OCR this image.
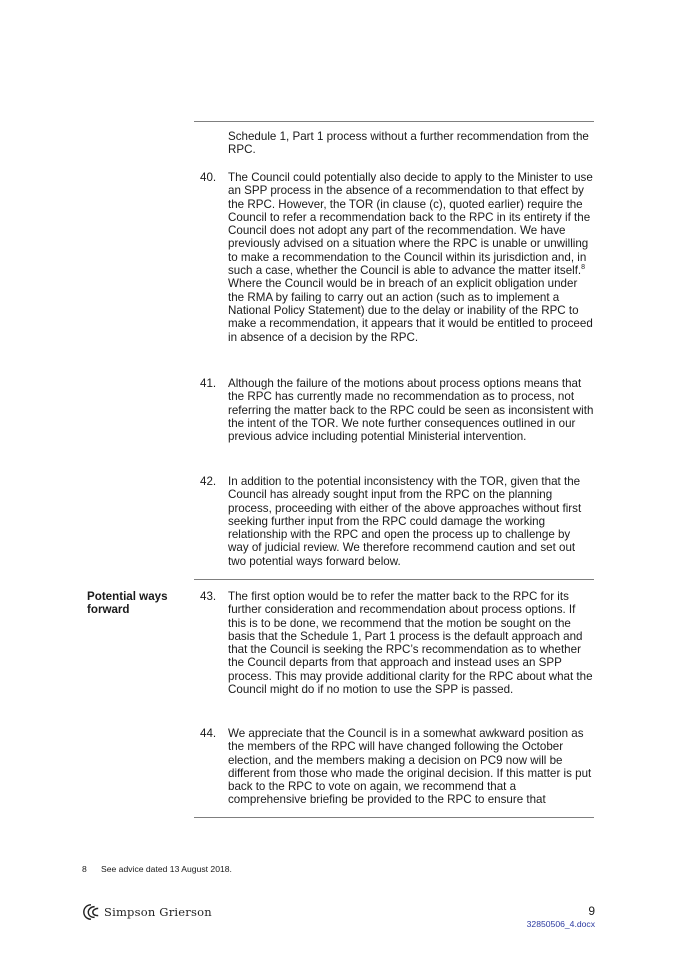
Schedule 1, Part 1 process without a further recommendation from the RPC.
40. The Council could potentially also decide to apply to the Minister to use an SPP process in the absence of a recommendation to that effect by the RPC. However, the TOR (in clause (c), quoted earlier) require the Council to refer a recommendation back to the RPC in its entirety if the Council does not adopt any part of the recommendation. We have previously advised on a situation where the RPC is unable or unwilling to make a recommendation to the Council within its jurisdiction and, in such a case, whether the Council is able to advance the matter itself.$^8$ Where the Council would be in breach of an explicit obligation under the RMA by failing to carry out an action (such as to implement a National Policy Statement) due to the delay or inability of the RPC to make a recommendation, it appears that it would be entitled to proceed in absence of a decision by the RPC.
41. Although the failure of the motions about process options means that the RPC has currently made no recommendation as to process, not referring the matter back to the RPC could be seen as inconsistent with the intent of the TOR. We note further consequences outlined in our previous advice including potential Ministerial intervention.
42. In addition to the potential inconsistency with the TOR, given that the Council has already sought input from the RPC on the planning process, proceeding with either of the above approaches without first seeking further input from the RPC could damage the working relationship with the RPC and open the process up to challenge by way of judicial review. We therefore recommend caution and set out two potential ways forward below.
Potential ways forward
43. The first option would be to refer the matter back to the RPC for its further consideration and recommendation about process options. If this is to be done, we recommend that the motion be sought on the basis that the Schedule 1, Part 1 process is the default approach and that the Council is seeking the RPC’s recommendation as to whether the Council departs from that approach and instead uses an SPP process. This may provide additional clarity for the RPC about what the Council might do if no motion to use the SPP is passed.
44. We appreciate that the Council is in a somewhat awkward position as the members of the RPC will have changed following the October election, and the members making a decision on PC9 now will be different from those who made the original decision. If this matter is put back to the RPC to vote on again, we recommend that a comprehensive briefing be provided to the RPC to ensure that
8 See advice dated 13 August 2018.
Simpson Grierson	9
32850506_4.docx
